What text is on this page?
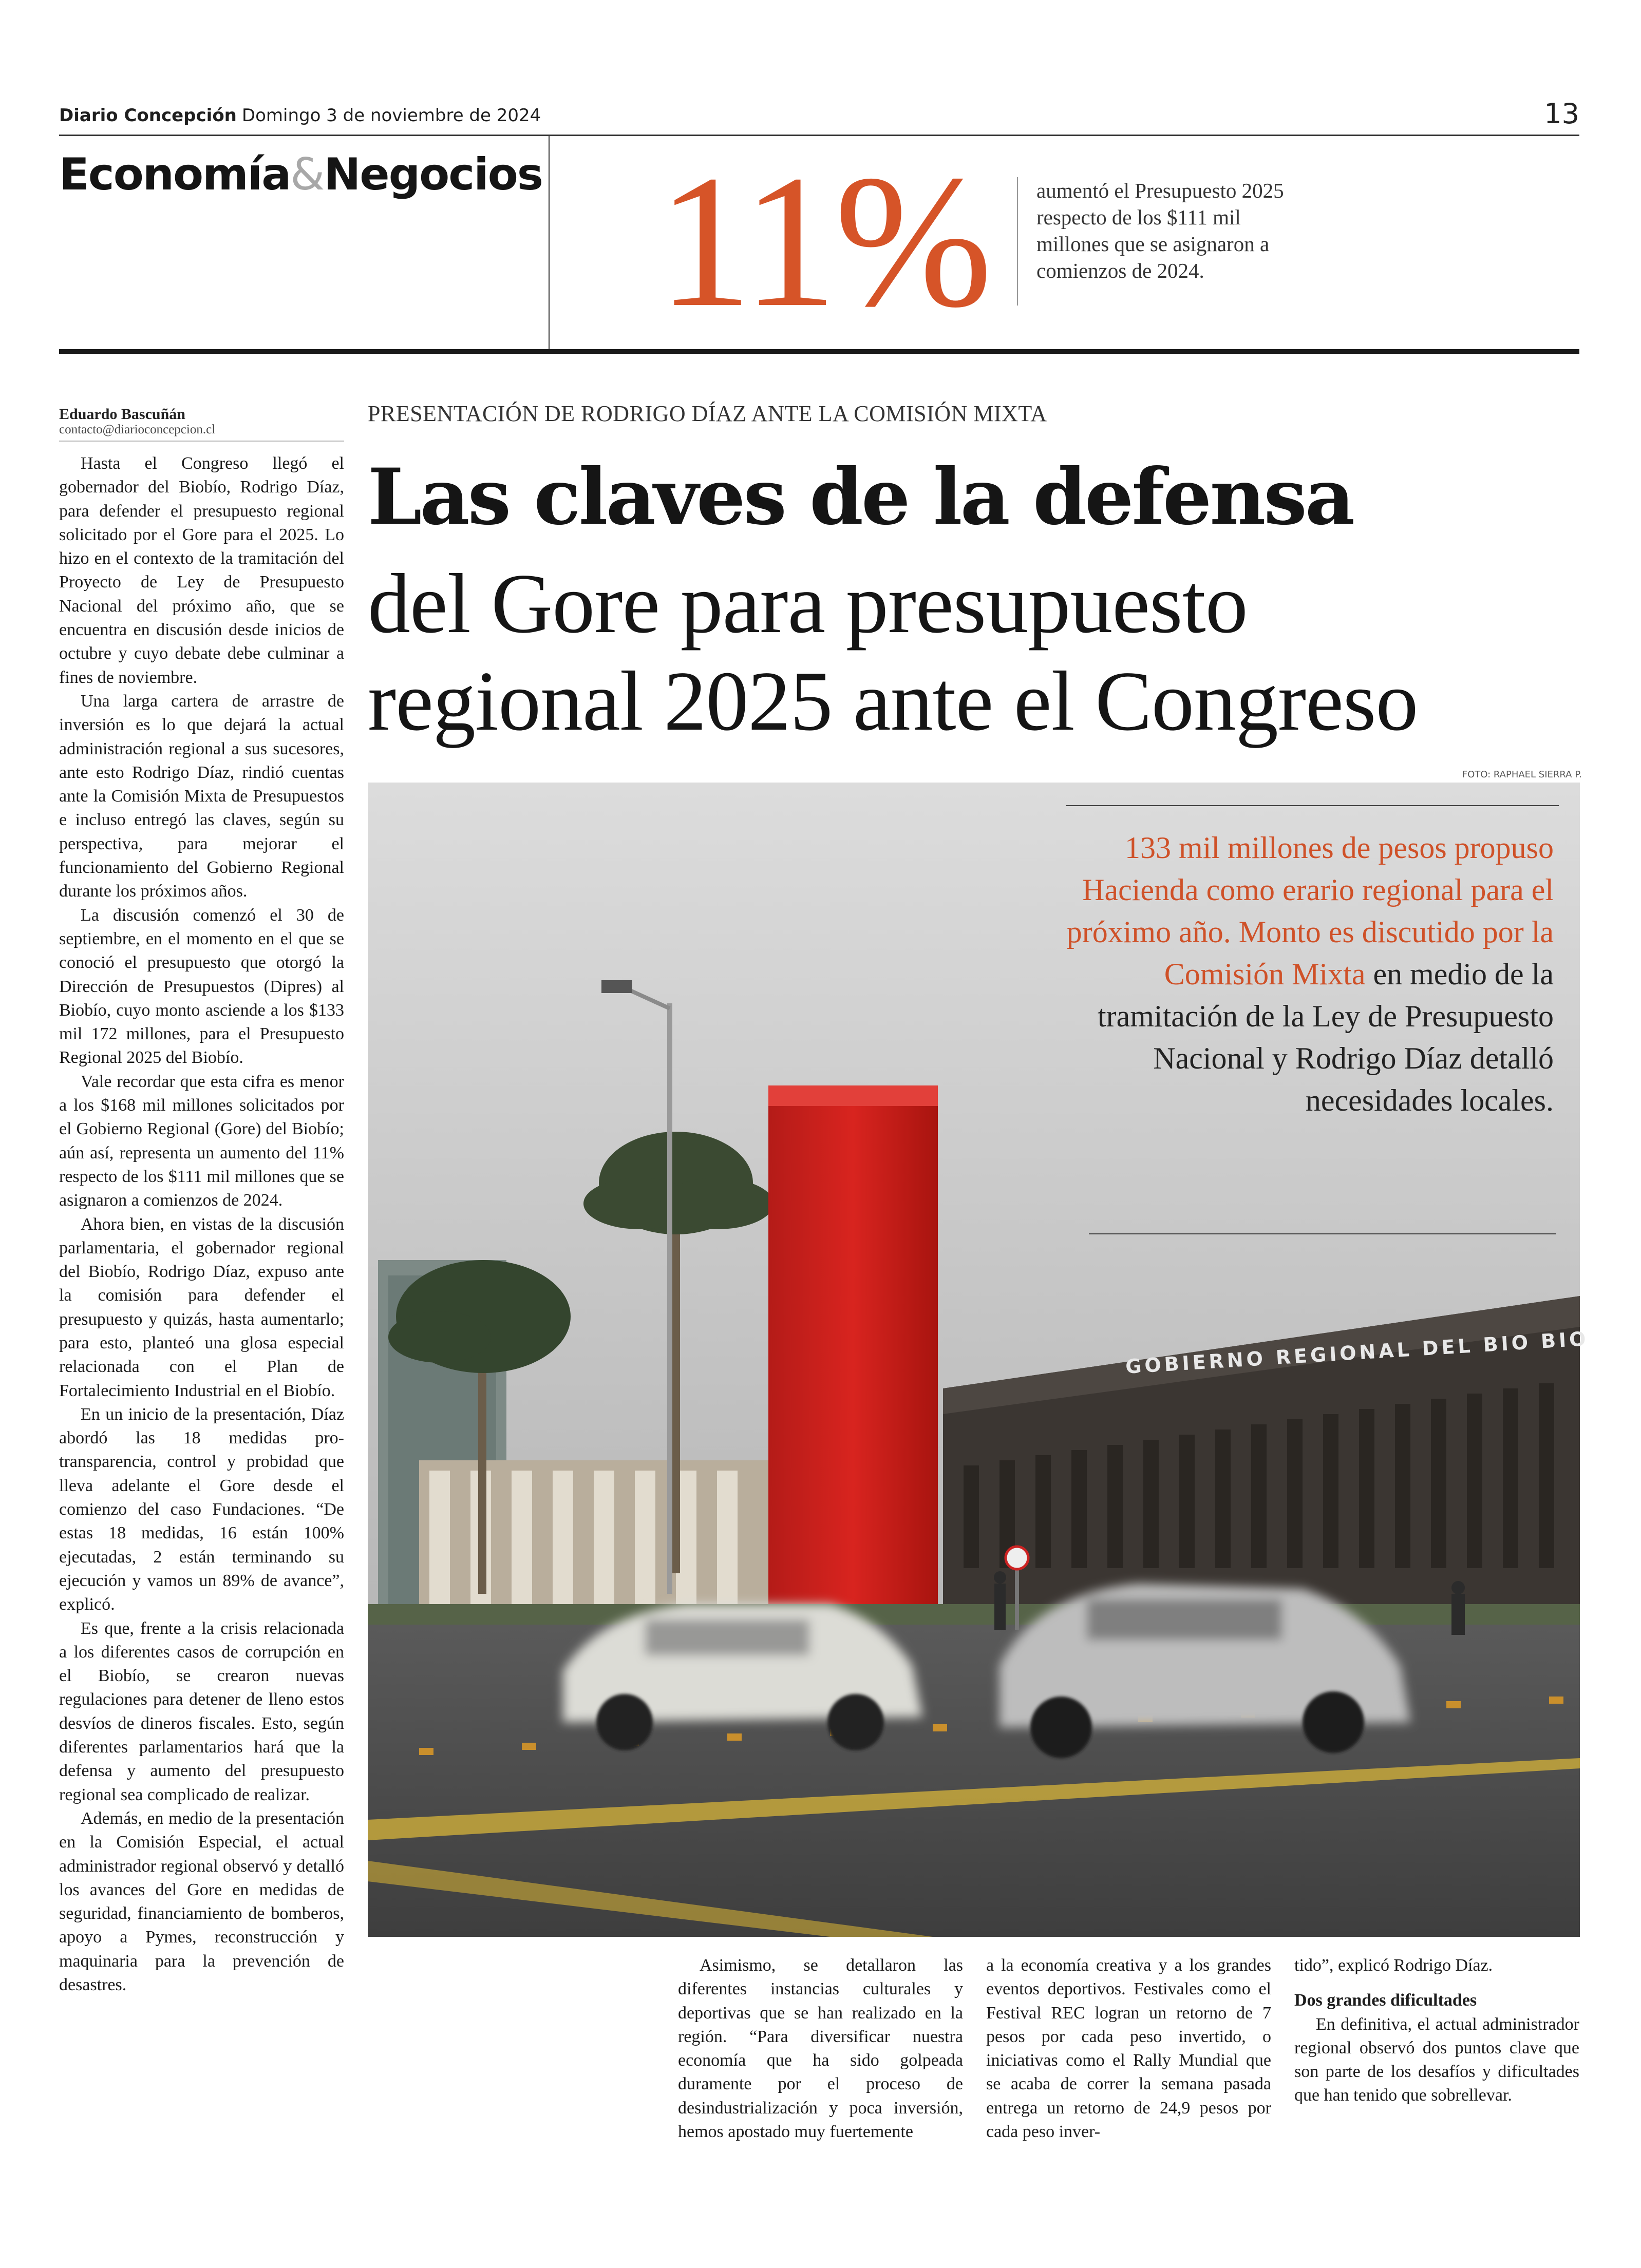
Diario Concepción Domingo 3 de noviembre de 2024	13
Economía&Negocios 11% aumentó el Presupuesto 2025 respecto de los $111 mil millones que se asignaron a comienzos de 2024.
Eduardo Bascuñán
contacto@diarioconcepcion.cl

Hasta el Congreso llegó el gobernador del Biobío, Rodrigo Díaz, para defender el presupuesto regional solicitado por el Gore para el 2025. Lo hizo en el contexto de la tramitación del Proyecto de Ley de Presupuesto Nacional del próximo año, que se encuentra en discusión desde inicios de octubre y cuyo debate debe culminar a fines de noviembre.

Una larga cartera de arrastre de inversión es lo que dejará la actual administración regional a sus sucesores, ante esto Rodrigo Díaz, rindió cuentas ante la Comisión Mixta de Presupuestos e incluso entregó las claves, según su perspectiva, para mejorar el funcionamiento del Gobierno Regional durante los próximos años.

La discusión comenzó el 30 de septiembre, en el momento en el que se conoció el presupuesto que otorgó la Dirección de Presupuestos (Dipres) al Biobío, cuyo monto asciende a los $133 mil 172 millones, para el Presupuesto Regional 2025 del Biobío.

Vale recordar que esta cifra es menor a los $168 mil millones solicitados por el Gobierno Regional (Gore) del Biobío; aún así, representa un aumento del 11% respecto de los $111 mil millones que se asignaron a comienzos de 2024.

Ahora bien, en vistas de la discusión parlamentaria, el gobernador regional del Biobío, Rodrigo Díaz, expuso ante la comisión para defender el presupuesto y quizás, hasta aumentarlo; para esto, planteó una glosa especial relacionada con el Plan de Fortalecimiento Industrial en el Biobío.

En un inicio de la presentación, Díaz abordó las 18 medidas pro-transparencia, control y probidad que lleva adelante el Gore desde el comienzo del caso Fundaciones. “De estas 18 medidas, 16 están 100% ejecutadas, 2 están terminando su ejecución y vamos un 89% de avance”, explicó.

Es que, frente a la crisis relacionada a los diferentes casos de corrupción en el Biobío, se crearon nuevas regulaciones para detener de lleno estos desvíos de dineros fiscales. Esto, según diferentes parlamentarios hará que la defensa y aumento del presupuesto regional sea complicado de realizar.

Además, en medio de la presentación en la Comisión Especial, el actual administrador regional observó y detalló los avances del Gore en medidas de seguridad, financiamiento de bomberos, apoyo a Pymes, reconstrucción y maquinaria para la prevención de desastres.

PRESENTACIÓN DE RODRIGO DÍAZ ANTE LA COMISIÓN MIXTA
Las claves de la defensa
del Gore para presupuesto
regional 2025 ante el Congreso
FOTO: RAPHAEL SIERRA P.
GOBIERNO REGIONAL DEL BIO BIO
133 mil millones de pesos propuso Hacienda como erario regional para el próximo año. Monto es discutido por la Comisión Mixta en medio de la tramitación de la Ley de Presupuesto Nacional y Rodrigo Díaz detalló necesidades locales.

Asimismo, se detallaron las diferentes instancias culturales y deportivas que se han realizado en la región. “Para diversificar nuestra economía que ha sido golpeada duramente por el proceso de desindustrialización y poca inversión, hemos apostado muy fuertemente

a la economía creativa y a los grandes eventos deportivos. Festivales como el Festival REC logran un retorno de 7 pesos por cada peso invertido, o iniciativas como el Rally Mundial que se acaba de correr la semana pasada entrega un retorno de 24,9 pesos por cada peso inver-

tido”, explicó Rodrigo Díaz.

Dos grandes dificultades

En definitiva, el actual administrador regional observó dos puntos clave que son parte de los desafíos y dificultades que han tenido que sobrellevar.
